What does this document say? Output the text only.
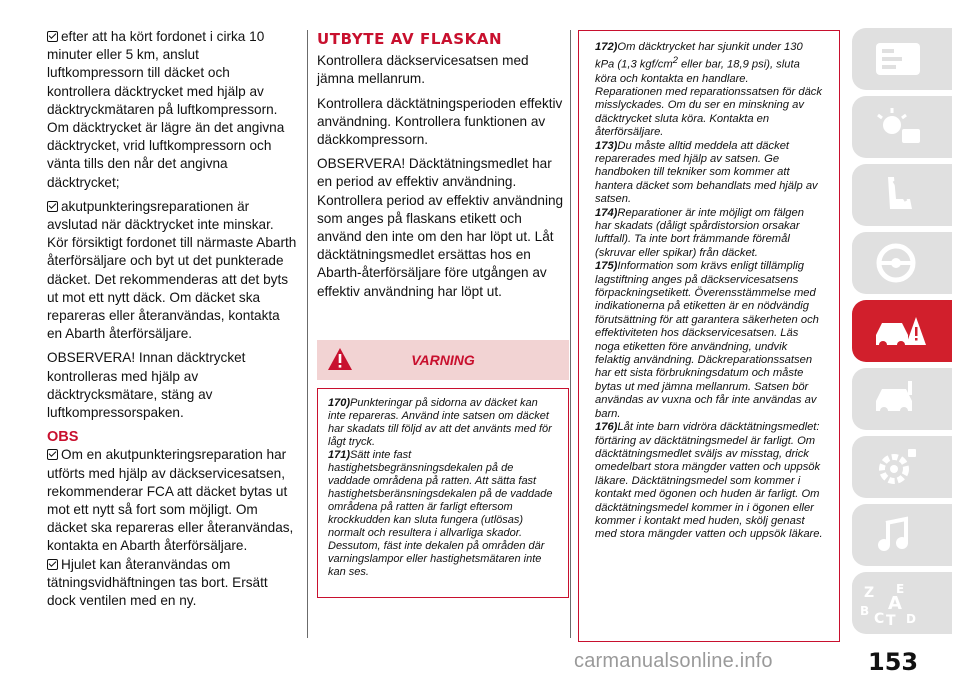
efter att ha kört fordonet i cirka 10 minuter eller 5 km, anslut luftkompressorn till däcket och kontrollera däcktrycket med hjälp av däcktryckmätaren på luftkompressorn. Om däcktrycket är lägre än det angivna däcktrycket, vrid luftkompressorn och vänta tills den når det angivna däcktrycket;
akutpunkteringsreparationen är avslutad när däcktrycket inte minskar. Kör försiktigt fordonet till närmaste Abarth återförsäljare och byt ut det punkterade däcket. Det rekommenderas att det byts ut mot ett nytt däck. Om däcket ska repareras eller återanvändas, kontakta en Abarth återförsäljare.
OBSERVERA! Innan däcktrycket kontrolleras med hjälp av däcktrycksmätare, stäng av luftkompressorspaken.
OBS
Om en akutpunkteringsreparation har utförts med hjälp av däckservicesatsen, rekommenderar FCA att däcket bytas ut mot ett nytt så fort som möjligt. Om däcket ska repareras eller återanvändas, kontakta en Abarth återförsäljare.
Hjulet kan återanvändas om tätningsvidhäftningen tas bort. Ersätt dock ventilen med en ny.
UTBYTE AV FLASKAN
Kontrollera däckservicesatsen med jämna mellanrum.
Kontrollera däcktätningsperioden effektiv användning. Kontrollera funktionen av däckkompressorn.
OBSERVERA! Däcktätningsmedlet har en period av effektiv användning. Kontrollera period av effektiv användning som anges på flaskans etikett och använd den inte om den har löpt ut. Låt däcktätningsmedlet ersättas hos en Abarth-återförsäljare före utgången av effektiv användning har löpt ut.
VARNING
170)Punkteringar på sidorna av däcket kan inte repareras. Använd inte satsen om däcket har skadats till följd av att det använts med för lågt tryck.
171)Sätt inte fast hastighetsbegränsningsdekalen på de vaddade områdena på ratten. Att sätta fast hastighetsberänsningsdekalen på de vaddade områdena på ratten är farligt eftersom krockkudden kan sluta fungera (utlösas) normalt och resultera i allvarliga skador. Dessutom, fäst inte dekalen på områden där varningslampor eller hastighetsmätaren inte kan ses.
172)Om däcktrycket har sjunkit under 130 kPa (1,3 kgf/$cm^2$ eller bar, 18,9 psi), sluta köra och kontakta en handlare.
Reparationen med reparationssatsen för däck misslyckades. Om du ser en minskning av däcktrycket sluta köra. Kontakta en återförsäljare.
173)Du måste alltid meddela att däcket reparerades med hjälp av satsen. Ge handboken till tekniker som kommer att hantera däcket som behandlats med hjälp av satsen.
174)Reparationer är inte möjligt om fälgen har skadats (dåligt spårdistorsion orsakar luftfall). Ta inte bort främmande föremål (skruvar eller spikar) från däcket.
175)Information som krävs enligt tillämplig lagstiftning anges på däckservicesatsens förpackningsetikett. Överensstämmelse med indikationerna på etiketten är en nödvändig förutsättning för att garantera säkerheten och effektiviteten hos däckservicesatsen. Läs noga etiketten före användning, undvik felaktig användning. Däckreparationssatsen har ett sista förbrukningsdatum och måste bytas ut med jämna mellanrum. Satsen bör användas av vuxna och får inte användas av barn.
176)Låt inte barn vidröra däcktätningsmedlet: förtäring av däcktätningsmedel är farligt. Om däcktätningsmedlet sväljs av misstag, drick omedelbart stora mängder vatten och uppsök läkare. Däcktätningsmedel som kommer i kontakt med ögonen och huden är farligt. Om däcktätningsmedel kommer in i ögonen eller kommer i kontakt med huden, skölj genast med stora mängder vatten och uppsök läkare.
Z E
B A
C T D
carmanualsonline.info	153
